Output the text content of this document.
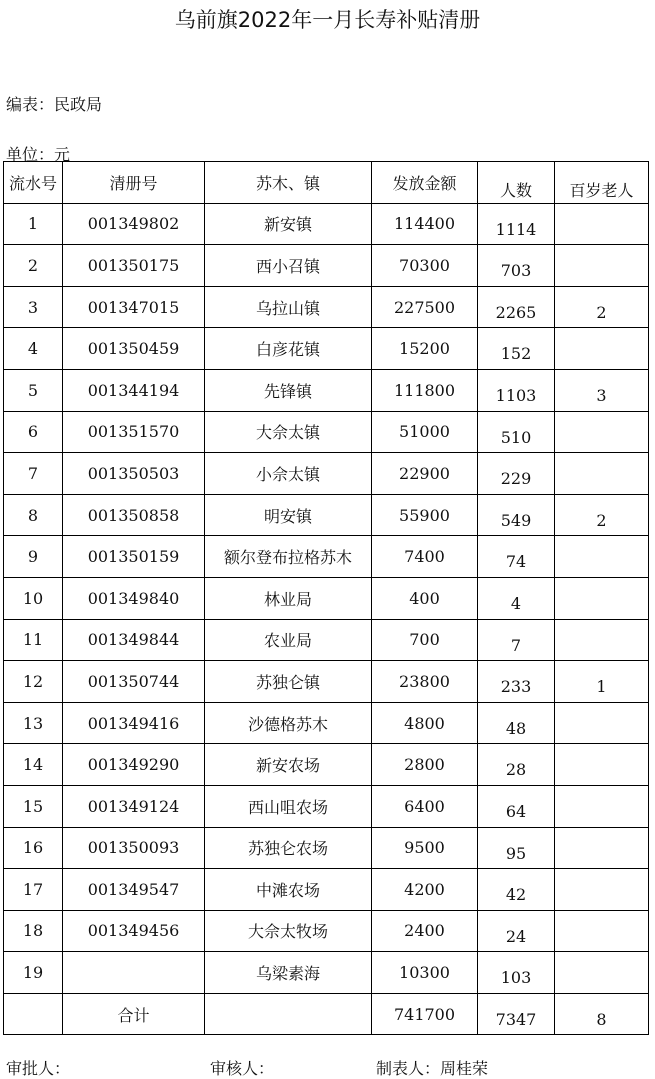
乌前旗2022年一月长寿补贴清册
编表：民政局
单位：元
流水号	清册号	苏木、镇	发放金额	人数	百岁老人
1	001349802	新安镇	114400	1114	
2	001350175	西小召镇	70300	703	
3	001347015	乌拉山镇	227500	2265	2
4	001350459	白彦花镇	15200	152	
5	001344194	先锋镇	111800	1103	3
6	001351570	大佘太镇	51000	510	
7	001350503	小佘太镇	22900	229	
8	001350858	明安镇	55900	549	2
9	001350159	额尔登布拉格苏木	7400	74	
10	001349840	林业局	400	4	
11	001349844	农业局	700	7	
12	001350744	苏独仑镇	23800	233	1
13	001349416	沙德格苏木	4800	48	
14	001349290	新安农场	2800	28	
15	001349124	西山咀农场	6400	64	
16	001350093	苏独仑农场	9500	95	
17	001349547	中滩农场	4200	42	
18	001349456	大佘太牧场	2400	24	
19		乌梁素海	10300	103	
	合计		741700	7347	8
审批人：	审核人：	制表人：周桂荣
